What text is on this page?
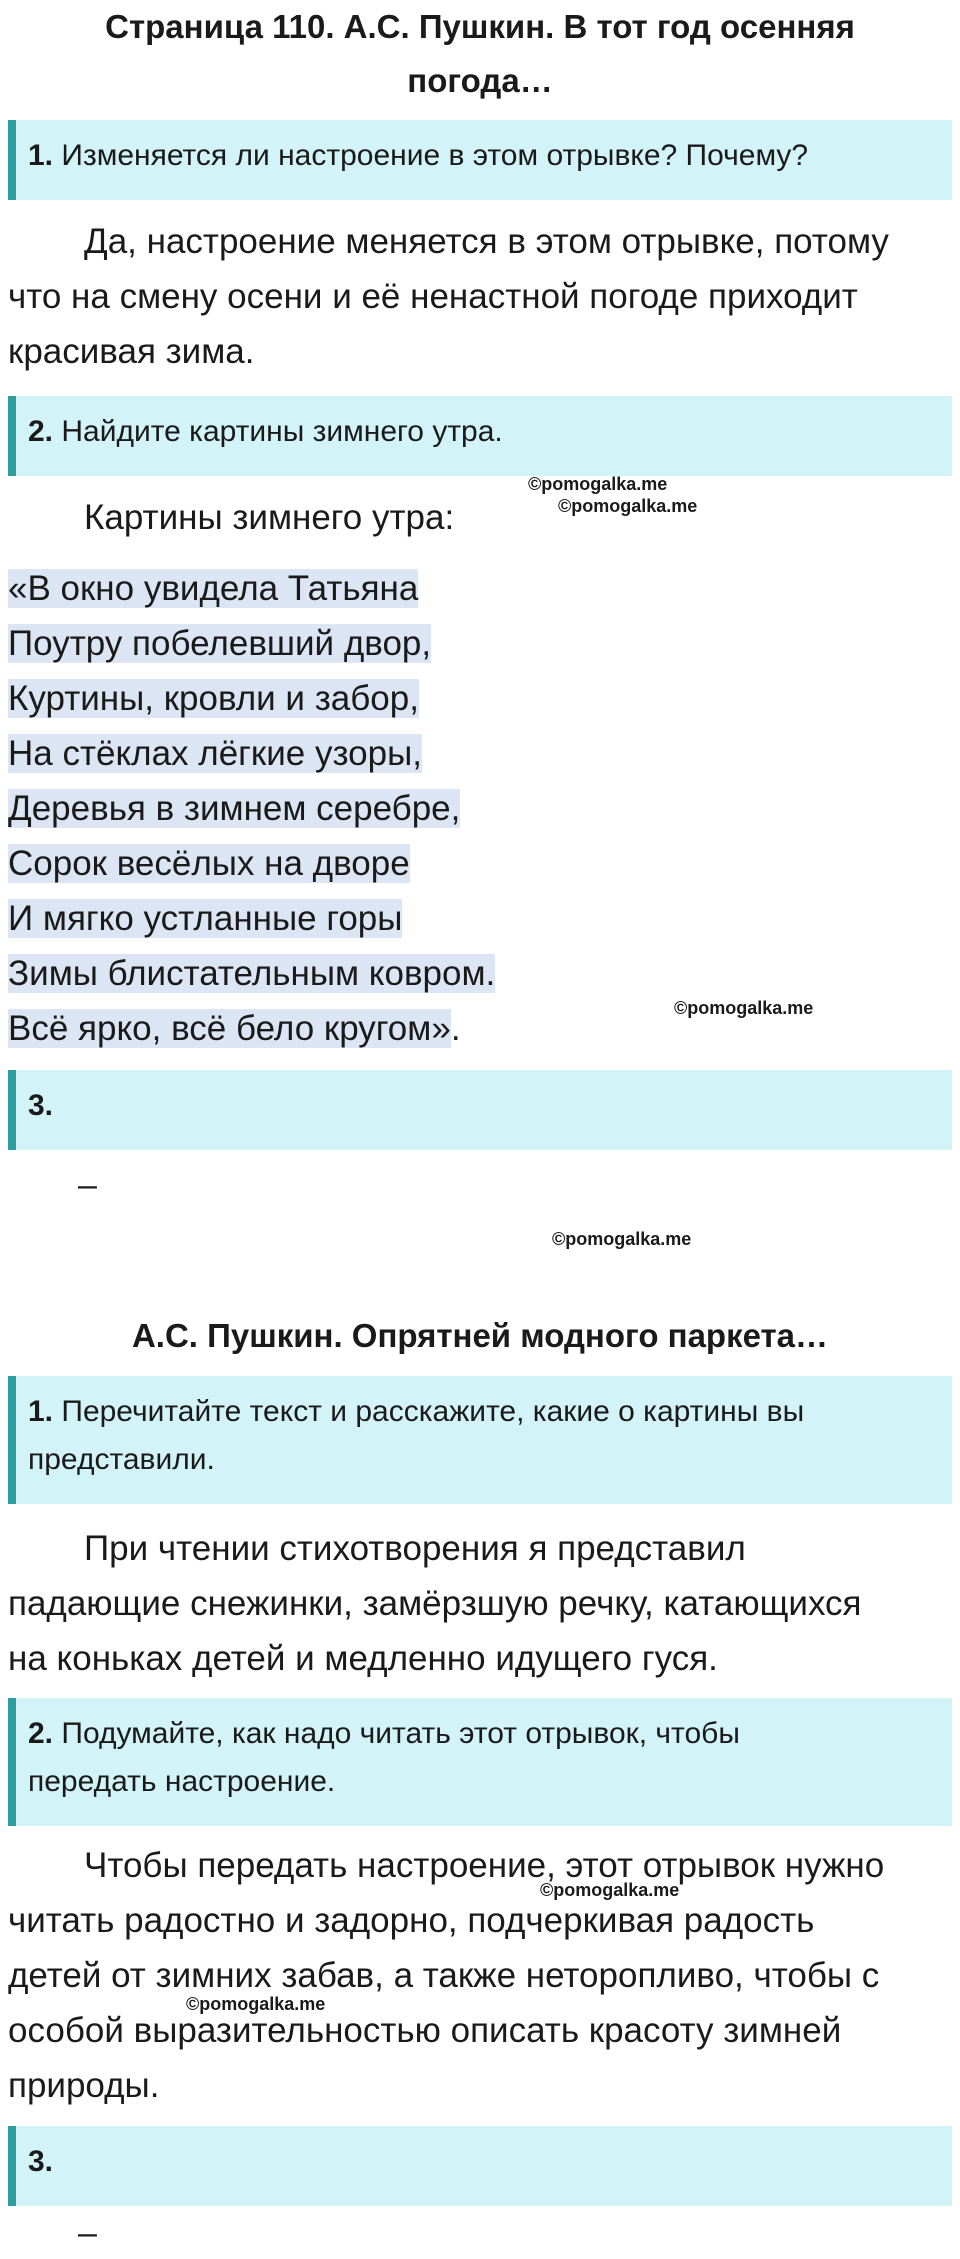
Страница 110. А.С. Пушкин. В тот год осенняя
погода…
1. Изменяется ли настроение в этом отрывке? Почему?
Да, настроение меняется в этом отрывке, потому
что на смену осени и её ненастной погоде приходит
красивая зима.
2. Найдите картины зимнего утра.
Картины зимнего утра:
©pomogalka.me
©pomogalka.me
«В окно увидела Татьяна
Поутру побелевший двор,
Куртины, кровли и забор,
На стёклах лёгкие узоры,
Деревья в зимнем серебре,
Сорок весёлых на дворе
И мягко устланные горы
Зимы блистательным ковром.
Всё ярко, всё бело кругом».
©pomogalka.me
3.
–
©pomogalka.me
А.С. Пушкин. Опрятней модного паркета…
1. Перечитайте текст и расскажите, какие о картины вы
представили.
При чтении стихотворения я представил
падающие снежинки, замёрзшую речку, катающихся
на коньках детей и медленно идущего гуся.
2. Подумайте, как надо читать этот отрывок, чтобы
передать настроение.
Чтобы передать настроение, этот отрывок нужно
читать радостно и задорно, подчеркивая радость
детей от зимних забав, а также неторопливо, чтобы с
особой выразительностью описать красоту зимней
природы.
©pomogalka.me
©pomogalka.me
3.
–
